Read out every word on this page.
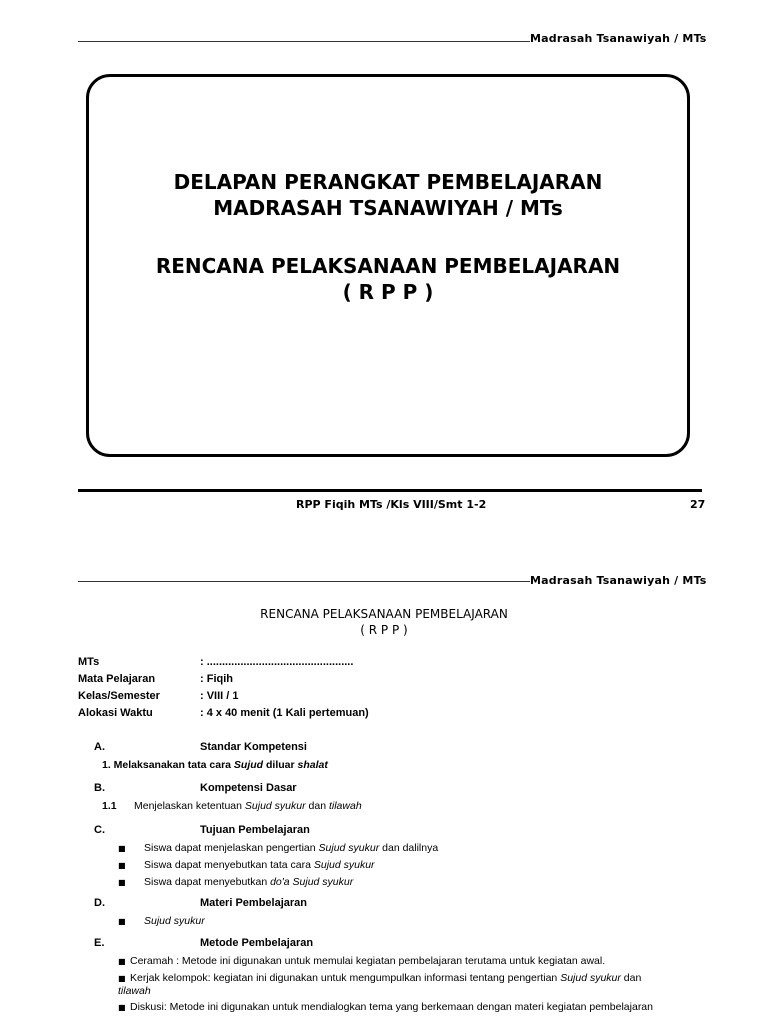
Madrasah Tsanawiyah / MTs
DELAPAN PERANGKAT PEMBELAJARAN
MADRASAH TSANAWIYAH / MTs
RENCANA PELAKSANAAN PEMBELAJARAN
( R P P )
RPP Fiqih MTs /Kls VIII/Smt 1-2	27
Madrasah Tsanawiyah / MTs
RENCANA PELAKSANAAN PEMBELAJARAN
( R P P )
MTs	: ................................................
Mata Pelajaran	: Fiqih
Kelas/Semester	: VIII / 1
Alokasi Waktu	: 4 x 40 menit (1 Kali pertemuan)
A.	Standar Kompetensi
1. Melaksanakan tata cara Sujud diluar shalat
B.	Kompetensi Dasar
1.1 Menjelaskan ketentuan Sujud syukur dan tilawah
C.	Tujuan Pembelajaran
■ Siswa dapat menjelaskan pengertian Sujud syukur dan dalilnya
■ Siswa dapat menyebutkan tata cara Sujud syukur
■ Siswa dapat menyebutkan do'a Sujud syukur
D.	Materi Pembelajaran
■ Sujud syukur
E.	Metode Pembelajaran
■ Ceramah : Metode ini digunakan untuk memulai kegiatan pembelajaran terutama untuk kegiatan awal.
■ Kerjak kelompok: kegiatan ini digunakan untuk mengumpulkan informasi tentang pengertian Sujud syukur dan
tilawah
■ Diskusi: Metode ini digunakan untuk mendialogkan tema yang berkemaan dengan materi kegiatan pembelajaran
